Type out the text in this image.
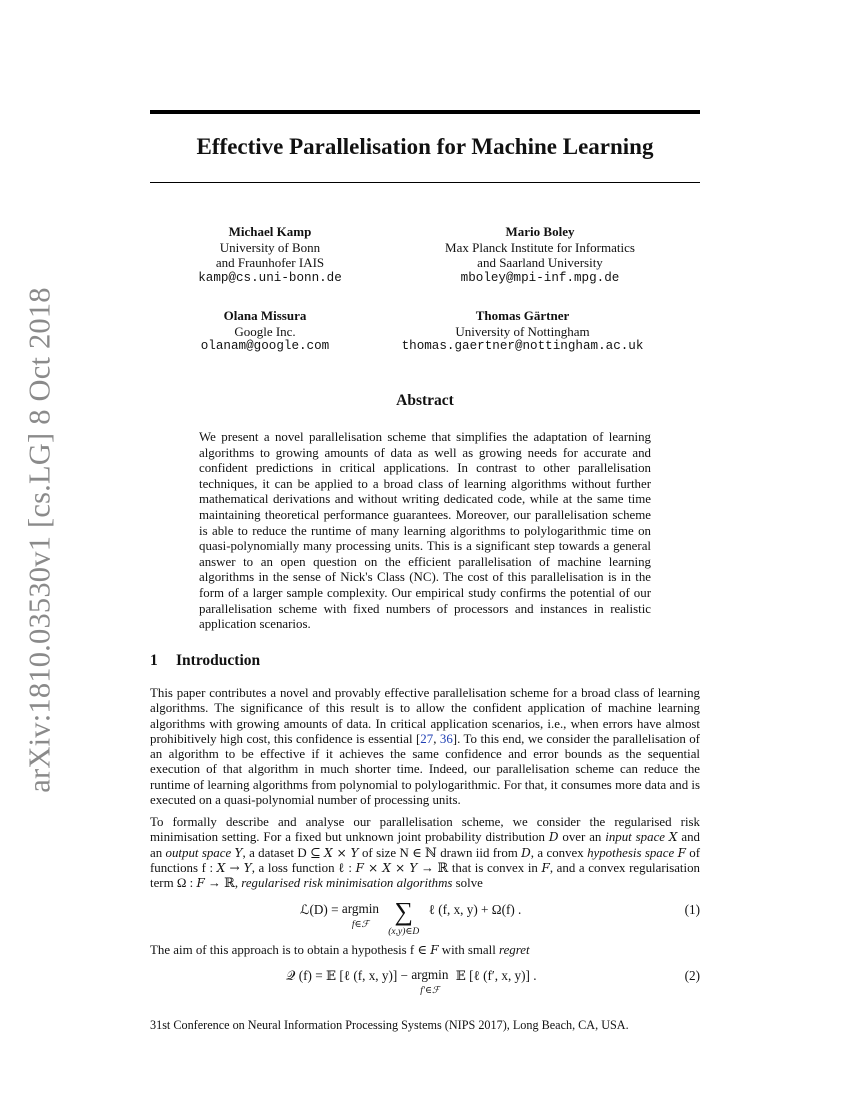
arXiv:1810.03530v1 [cs.LG] 8 Oct 2018
Effective Parallelisation for Machine Learning
Michael Kamp
University of Bonn
and Fraunhofer IAIS
kamp@cs.uni-bonn.de
Mario Boley
Max Planck Institute for Informatics
and Saarland University
mboley@mpi-inf.mpg.de
Olana Missura
Google Inc.
olanam@google.com
Thomas Gärtner
University of Nottingham
thomas.gaertner@nottingham.ac.uk
Abstract

We present a novel parallelisation scheme that simplifies the adaptation of learning algorithms to growing amounts of data as well as growing needs for accurate and confident predictions in critical applications. In contrast to other parallelisation techniques, it can be applied to a broad class of learning algorithms without further mathematical derivations and without writing dedicated code, while at the same time maintaining theoretical performance guarantees. Moreover, our parallelisation scheme is able to reduce the runtime of many learning algorithms to polylogarithmic time on quasi-polynomially many processing units. This is a significant step towards a general answer to an open question on the efficient parallelisation of machine learning algorithms in the sense of Nick's Class (NC). The cost of this parallelisation is in the form of a larger sample complexity. Our empirical study confirms the potential of our parallelisation scheme with fixed numbers of processors and instances in realistic application scenarios.

1 Introduction

This paper contributes a novel and provably effective parallelisation scheme for a broad class of learning algorithms. The significance of this result is to allow the confident application of machine learning algorithms with growing amounts of data. In critical application scenarios, i.e., when errors have almost prohibitively high cost, this confidence is essential [27, 36]. To this end, we consider the parallelisation of an algorithm to be effective if it achieves the same confidence and error bounds as the sequential execution of that algorithm in much shorter time. Indeed, our parallelisation scheme can reduce the runtime of learning algorithms from polynomial to polylogarithmic. For that, it consumes more data and is executed on a quasi-polynomial number of processing units.

To formally describe and analyse our parallelisation scheme, we consider the regularised risk minimisation setting. For a fixed but unknown joint probability distribution D over an input space X and an output space Y, a dataset D ⊆ X × Y of size N ∈ ℕ drawn iid from D, a convex hypothesis space F of functions f : X → Y, a loss function ℓ : F × X × Y → ℝ that is convex in F, and a convex regularisation term Ω : F → ℝ, regularised risk minimisation algorithms solve

ℒ(D) = argmin
f∈ℱ ∑
(x,y)∈D ℓ (f, x, y) + Ω(f) .	(1)

The aim of this approach is to obtain a hypothesis f ∈ F with small regret

𝒬 (f) = 𝔼 [ℓ (f, x, y)] − argmin
f′∈ℱ 𝔼 [ℓ (f′, x, y)] .	(2)

31st Conference on Neural Information Processing Systems (NIPS 2017), Long Beach, CA, USA.
